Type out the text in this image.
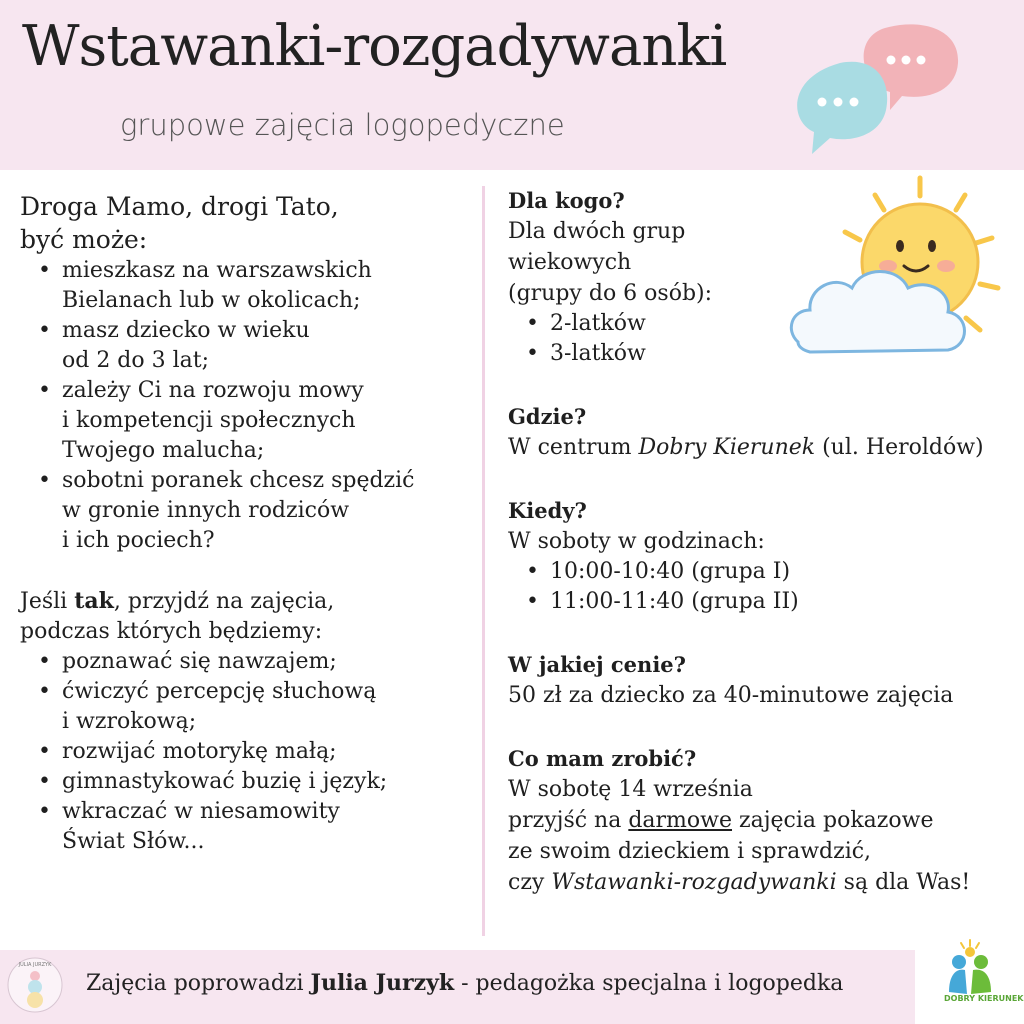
Wstawanki-rozgadywanki
grupowe zajęcia logopedyczne
Droga Mamo, drogi Tato,
być może:
• mieszkasz na warszawskich
Bielanach lub w okolicach;
• masz dziecko w wieku
od 2 do 3 lat;
• zależy Ci na rozwoju mowy
i kompetencji społecznych
Twojego malucha;
• sobotni poranek chcesz spędzić
w gronie innych rodziców
i ich pociech?
Jeśli tak, przyjdź na zajęcia,
podczas których będziemy:
• poznawać się nawzajem;
• ćwiczyć percepcję słuchową
i wzrokową;
• rozwijać motorykę małą;
• gimnastykować buzię i język;
• wkraczać w niesamowity
Świat Słów...
Dla kogo?
Dla dwóch grup
wiekowych
(grupy do 6 osób):
• 2-latków
• 3-latków
Gdzie?
W centrum Dobry Kierunek (ul. Heroldów)
Kiedy?
W soboty w godzinach:
• 10:00-10:40 (grupa I)
• 11:00-11:40 (grupa II)
W jakiej cenie?
50 zł za dziecko za 40-minutowe zajęcia
Co mam zrobić?
W sobotę 14 września
przyjść na darmowe zajęcia pokazowe
ze swoim dzieckiem i sprawdzić,
czy Wstawanki-rozgadywanki są dla Was!
Zajęcia poprowadzi Julia Jurzyk - pedagożka specjalna i logopedka
JULIA JURZYK
DOBRY KIERUNEK
